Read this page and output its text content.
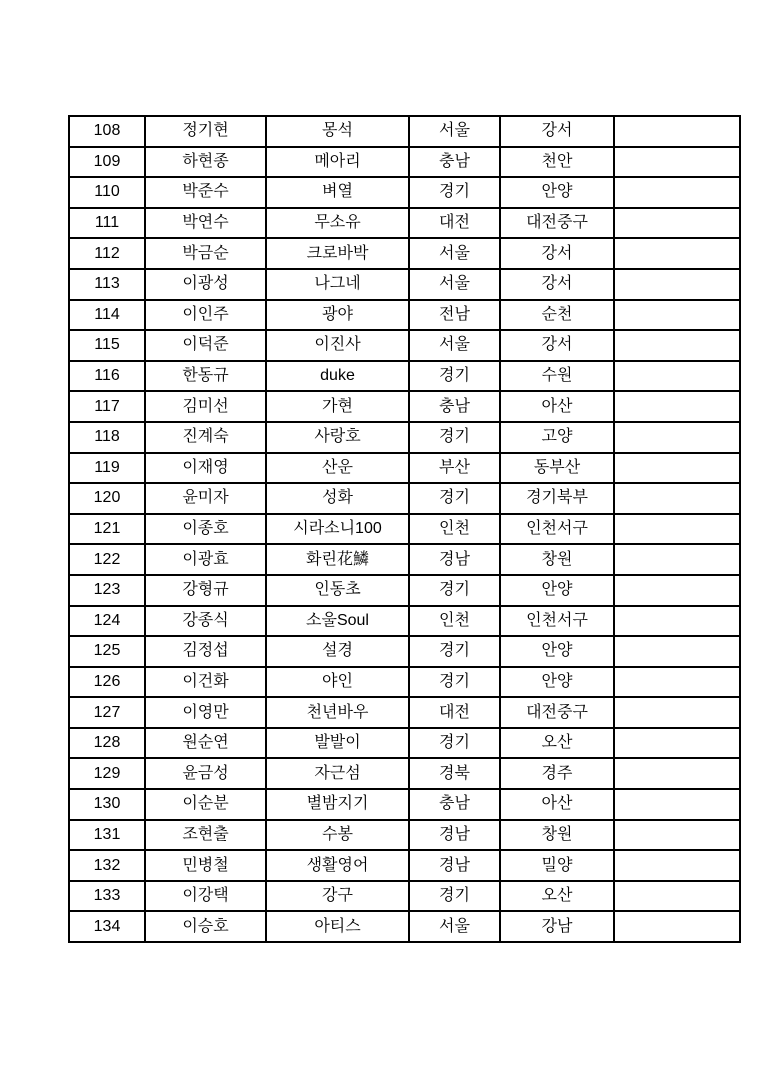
108	정기현	몽석	서울	강서	
109	하현종	메아리	충남	천안	
110	박준수	벼열	경기	안양	
111	박연수	무소유	대전	대전중구	
112	박금순	크로바박	서울	강서	
113	이광성	나그네	서울	강서	
114	이인주	광야	전남	순천	
115	이덕준	이진사	서울	강서	
116	한동규	duke	경기	수원	
117	김미선	가현	충남	아산	
118	진계숙	사랑호	경기	고양	
119	이재영	산운	부산	동부산	
120	윤미자	성화	경기	경기북부	
121	이종호	시라소니100	인천	인천서구	
122	이광효	화린花鱗	경남	창원	
123	강형규	인동초	경기	안양	
124	강종식	소울Soul	인천	인천서구	
125	김정섭	설경	경기	안양	
126	이건화	야인	경기	안양	
127	이영만	천년바우	대전	대전중구	
128	원순연	발발이	경기	오산	
129	윤금성	자근섬	경북	경주	
130	이순분	별밤지기	충남	아산	
131	조현출	수봉	경남	창원	
132	민병철	생활영어	경남	밀양	
133	이강택	강구	경기	오산	
134	이승호	아티스	서울	강남	
